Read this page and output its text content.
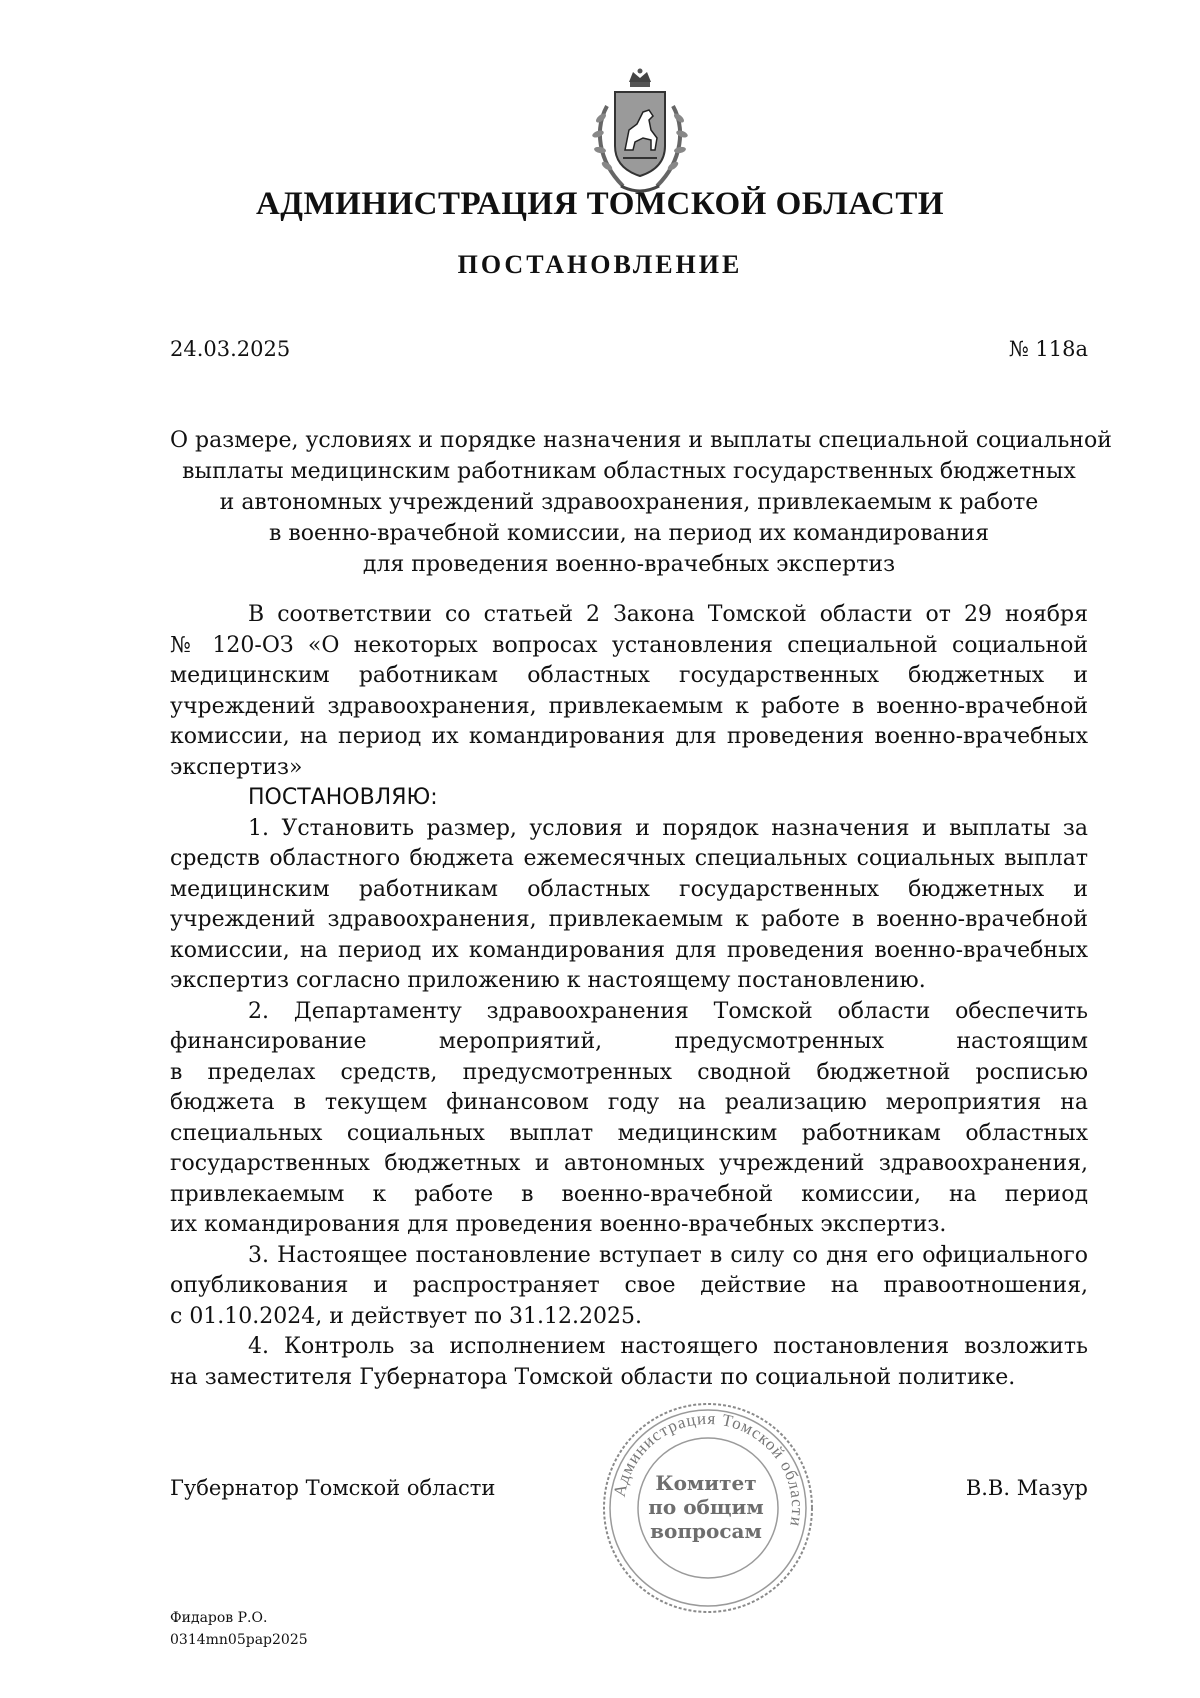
АДМИНИСТРАЦИЯ ТОМСКОЙ ОБЛАСТИ
ПОСТАНОВЛЕНИЕ
24.03.2025	№ 118а
О размере, условиях и порядке назначения и выплаты специальной социальной
выплаты медицинским работникам областных государственных бюджетных
и автономных учреждений здравоохранения, привлекаемым к работе
в военно-врачебной комиссии, на период их командирования
для проведения военно-врачебных экспертиз
В соответствии со статьей 2 Закона Томской области от 29 ноября
№ 120-ОЗ «О некоторых вопросах установления специальной социальной
медицинским работникам областных государственных бюджетных и
учреждений здравоохранения, привлекаемым к работе в военно-врачебной
комиссии, на период их командирования для проведения военно-врачебных
экспертиз»
ПОСТАНОВЛЯЮ:
1. Установить размер, условия и порядок назначения и выплаты за
средств областного бюджета ежемесячных специальных социальных выплат
медицинским работникам областных государственных бюджетных и
учреждений здравоохранения, привлекаемым к работе в военно-врачебной
комиссии, на период их командирования для проведения военно-врачебных
экспертиз согласно приложению к настоящему постановлению.
2. Департаменту здравоохранения Томской области обеспечить
финансирование мероприятий, предусмотренных настоящим
в пределах средств, предусмотренных сводной бюджетной росписью
бюджета в текущем финансовом году на реализацию мероприятия на
специальных социальных выплат медицинским работникам областных
государственных бюджетных и автономных учреждений здравоохранения,
привлекаемым к работе в военно-врачебной комиссии, на период
их командирования для проведения военно-врачебных экспертиз.
3. Настоящее постановление вступает в силу со дня его официального
опубликования и распространяет свое действие на правоотношения,
с 01.10.2024, и действует по 31.12.2025.
4. Контроль за исполнением настоящего постановления возложить
на заместителя Губернатора Томской области по социальной политике.
Губернатор Томской области	В.В. Мазур
Администрация Томской области
Комитет
по общим
вопросам
Фидаров Р.О.
0314mn05pap2025
